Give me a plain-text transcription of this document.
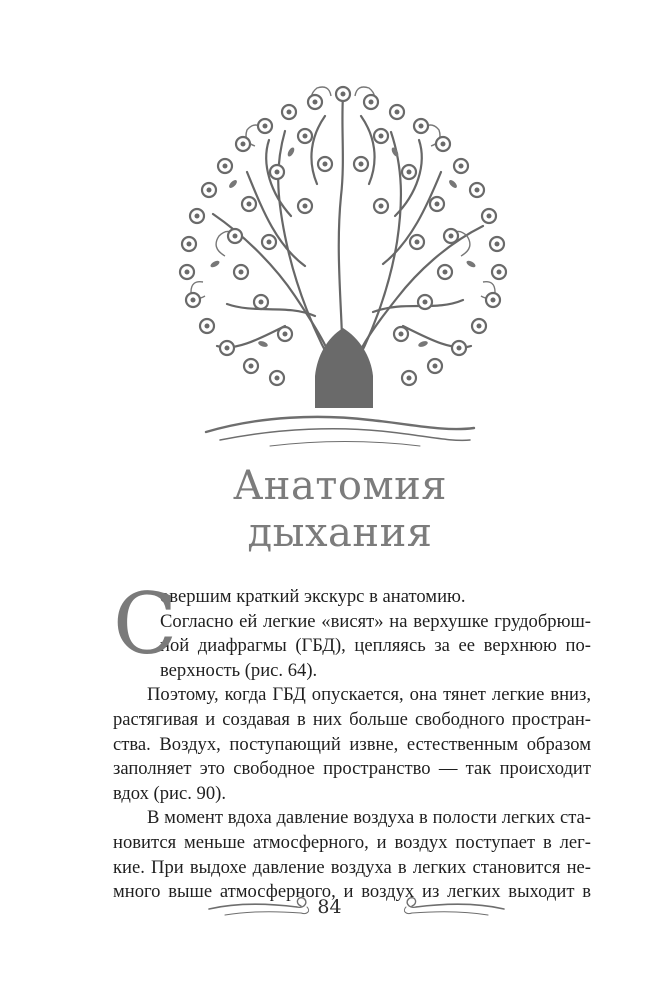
Анатомия
дыхания
С
овершим краткий экскурс в анатомию.
Согласно ей легкие «висят» на верхушке грудобрюш-
ной диафрагмы (ГБД), цепляясь за ее верхнюю по-
верхность (рис. 64).
Поэтому, когда ГБД опускается, она тянет легкие вниз,
растягивая и создавая в них больше свободного простран-
ства. Воздух, поступающий извне, естественным образом
заполняет это свободное пространство — так происходит
вдох (рис. 90).
В момент вдоха давление воздуха в полости легких ста-
новится меньше атмосферного, и воздух поступает в лег-
кие. При выдохе давление воздуха в легких становится не-
много выше атмосферного, и воздух из легких выходит в
84
